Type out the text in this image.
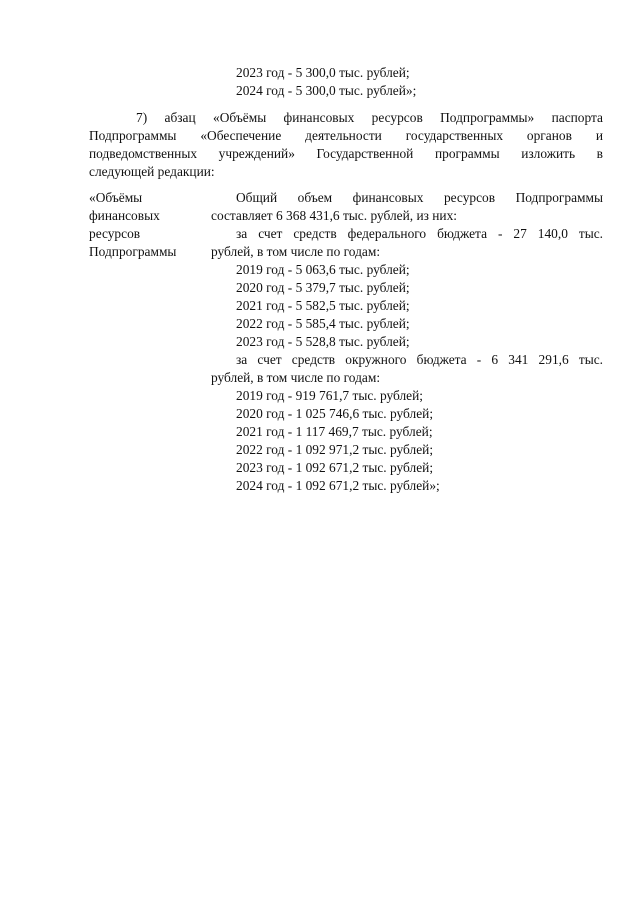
2023 год - 5 300,0 тыс. рублей;
2024 год - 5 300,0 тыс. рублей»;
7) абзац «Объёмы финансовых ресурсов Подпрограммы» паспорта
Подпрограммы «Обеспечение деятельности государственных органов и
подведомственных учреждений» Государственной программы изложить в
следующей редакции:
«Объёмы
финансовых
ресурсов
Подпрограммы
Общий объем финансовых ресурсов Подпрограммы
составляет 6 368 431,6 тыс. рублей, из них:
за счет средств федерального бюджета - 27 140,0 тыс.
рублей, в том числе по годам:
2019 год - 5 063,6 тыс. рублей;
2020 год - 5 379,7 тыс. рублей;
2021 год - 5 582,5 тыс. рублей;
2022 год - 5 585,4 тыс. рублей;
2023 год - 5 528,8 тыс. рублей;
за счет средств окружного бюджета - 6 341 291,6 тыс.
рублей, в том числе по годам:
2019 год - 919 761,7 тыс. рублей;
2020 год - 1 025 746,6 тыс. рублей;
2021 год - 1 117 469,7 тыс. рублей;
2022 год - 1 092 971,2 тыс. рублей;
2023 год - 1 092 671,2 тыс. рублей;
2024 год - 1 092 671,2 тыс. рублей»;
